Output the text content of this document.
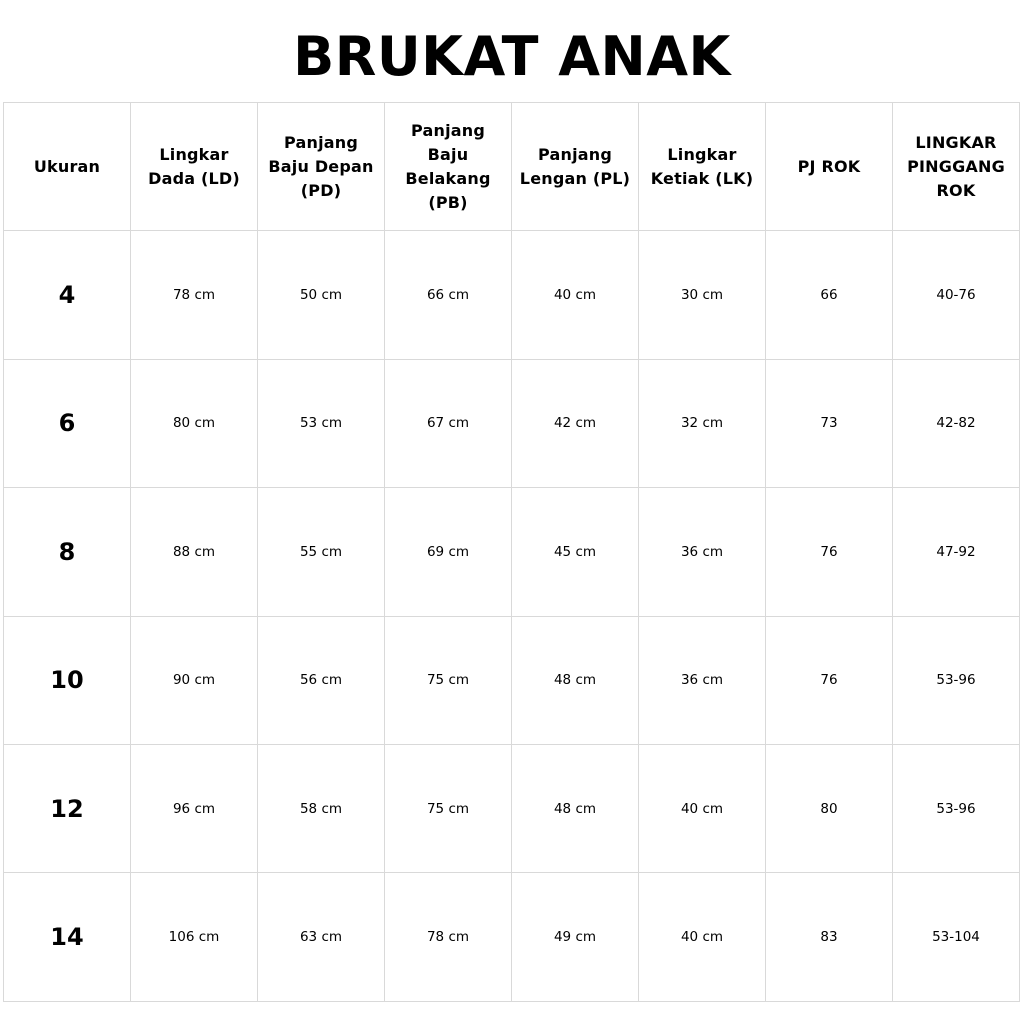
BRUKAT ANAK
Ukuran	Lingkar Dada (LD)	Panjang Baju Depan (PD)	Panjang Baju Belakang (PB)	Panjang Lengan (PL)	Lingkar Ketiak (LK)	PJ ROK	LINGKAR PINGGANG ROK
4	78 cm	50 cm	66 cm	40 cm	30 cm	66	40-76
6	80 cm	53 cm	67 cm	42 cm	32 cm	73	42-82
8	88 cm	55 cm	69 cm	45 cm	36 cm	76	47-92
10	90 cm	56 cm	75 cm	48 cm	36 cm	76	53-96
12	96 cm	58 cm	75 cm	48 cm	40 cm	80	53-96
14	106 cm	63 cm	78 cm	49 cm	40 cm	83	53-104
